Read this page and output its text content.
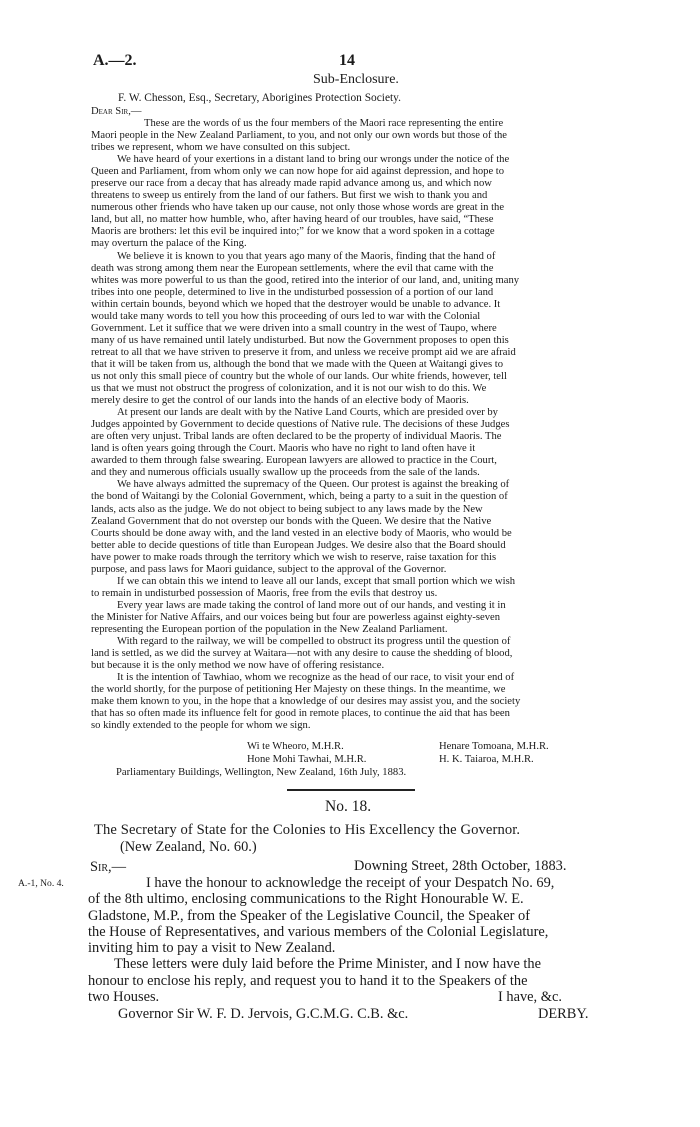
A.—2.	14
Sub-Enclosure.
F. W. Chesson, Esq., Secretary, Aborigines Protection Society.
Dear Sir,—

These are the words of us the four members of the Maori race representing the entire

Maori people in the New Zealand Parliament, to you, and not only our own words but those of the

tribes we represent, whom we have consulted on this subject.

We have heard of your exertions in a distant land to bring our wrongs under the notice of the

Queen and Parliament, from whom only we can now hope for aid against depression, and hope to

preserve our race from a decay that has already made rapid advance among us, and which now

threatens to sweep us entirely from the land of our fathers. But first we wish to thank you and

numerous other friends who have taken up our cause, not only those whose words are great in the

land, but all, no matter how humble, who, after having heard of our troubles, have said, “These

Maoris are brothers: let this evil be inquired into;” for we know that a word spoken in a cottage

may overturn the palace of the King.

We believe it is known to you that years ago many of the Maoris, finding that the hand of

death was strong among them near the European settlements, where the evil that came with the

whites was more powerful to us than the good, retired into the interior of our land, and, uniting many

tribes into one people, determined to live in the undisturbed possession of a portion of our land

within certain bounds, beyond which we hoped that the destroyer would be unable to advance. It

would take many words to tell you how this proceeding of ours led to war with the Colonial

Government. Let it suffice that we were driven into a small country in the west of Taupo, where

many of us have remained until lately undisturbed. But now the Government proposes to open this

retreat to all that we have striven to preserve it from, and unless we receive prompt aid we are afraid

that it will be taken from us, although the bond that we made with the Queen at Waitangi gives to

us not only this small piece of country but the whole of our lands. Our white friends, however, tell

us that we must not obstruct the progress of colonization, and it is not our wish to do this. We

merely desire to get the control of our lands into the hands of an elective body of Maoris.

At present our lands are dealt with by the Native Land Courts, which are presided over by

Judges appointed by Government to decide questions of Native rule. The decisions of these Judges

are often very unjust. Tribal lands are often declared to be the property of individual Maoris. The

land is often years going through the Court. Maoris who have no right to land often have it

awarded to them through false swearing. European lawyers are allowed to practice in the Court,

and they and numerous officials usually swallow up the proceeds from the sale of the lands.

We have always admitted the supremacy of the Queen. Our protest is against the breaking of

the bond of Waitangi by the Colonial Government, which, being a party to a suit in the question of

lands, acts also as the judge. We do not object to being subject to any laws made by the New

Zealand Government that do not overstep our bonds with the Queen. We desire that the Native

Courts should be done away with, and the land vested in an elective body of Maoris, who would be

better able to decide questions of title than European Judges. We desire also that the Board should

have power to make roads through the territory which we wish to reserve, raise taxation for this

purpose, and pass laws for Maori guidance, subject to the approval of the Governor.

If we can obtain this we intend to leave all our lands, except that small portion which we wish

to remain in undisturbed possession of Maoris, free from the evils that destroy us.

Every year laws are made taking the control of land more out of our hands, and vesting it in

the Minister for Native Affairs, and our voices being but four are powerless against eighty-seven

representing the European portion of the population in the New Zealand Parliament.

With regard to the railway, we will be compelled to obstruct its progress until the question of

land is settled, as we did the survey at Waitara—not with any desire to cause the shedding of blood,

but because it is the only method we now have of offering resistance.

It is the intention of Tawhiao, whom we recognize as the head of our race, to visit your end of

the world shortly, for the purpose of petitioning Her Majesty on these things. In the meantime, we

make them known to you, in the hope that a knowledge of our desires may assist you, and the society

that has so often made its influence felt for good in remote places, to continue the aid that has been

so kindly extended to the people for whom we sign.

Wi te Wheoro, M.H.R.	Henare Tomoana, M.H.R.
Hone Mohi Tawhai, M.H.R.	H. K. Taiaroa, M.H.R.
Parliamentary Buildings, Wellington, New Zealand, 16th July, 1883.
No. 18.
The Secretary of State for the Colonies to His Excellency the Governor.
(New Zealand, No. 60.)
Sir,—	Downing Street, 28th October, 1883.
A.-1, No. 4.	I have the honour to acknowledge the receipt of your Despatch No. 69,

of the 8th ultimo, enclosing communications to the Right Honourable W. E.

Gladstone, M.P., from the Speaker of the Legislative Council, the Speaker of

the House of Representatives, and various members of the Colonial Legislature,

inviting him to pay a visit to New Zealand.

These letters were duly laid before the Prime Minister, and I now have the

honour to enclose his reply, and request you to hand it to the Speakers of the

two Houses.	I have, &c.
Governor Sir W. F. D. Jervois, G.C.M.G. C.B. &c.	DERBY.
